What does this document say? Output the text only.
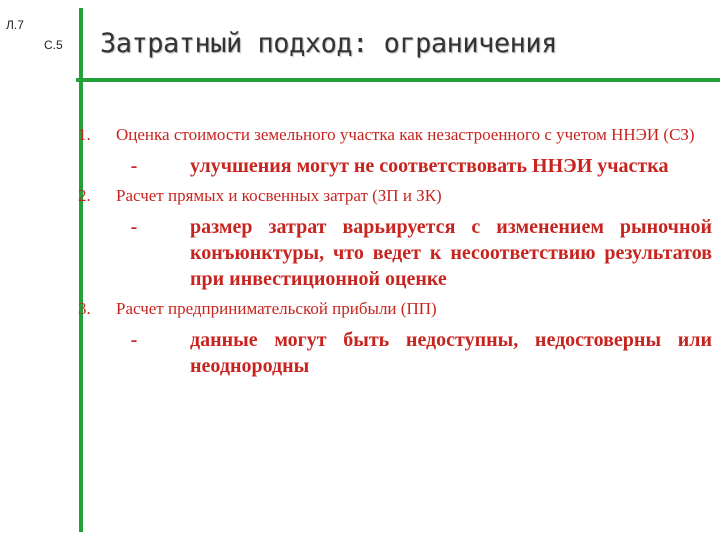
Л.7
С.5 Затратный подход: ограничения
1.	Оценка стоимости земельного участка как незастроенного с учетом ННЭИ (СЗ)
-	улучшения могут не соответствовать ННЭИ участка
2.	Расчет прямых и косвенных затрат (ЗП и ЗК)
-	размер затрат варьируется с изменением рыночной конъюнктуры, что ведет к несоответствию результатов при инвестиционной оценке
3.	Расчет предпринимательской прибыли (ПП)
-	данные могут быть недоступны, недостоверны или неоднородны
